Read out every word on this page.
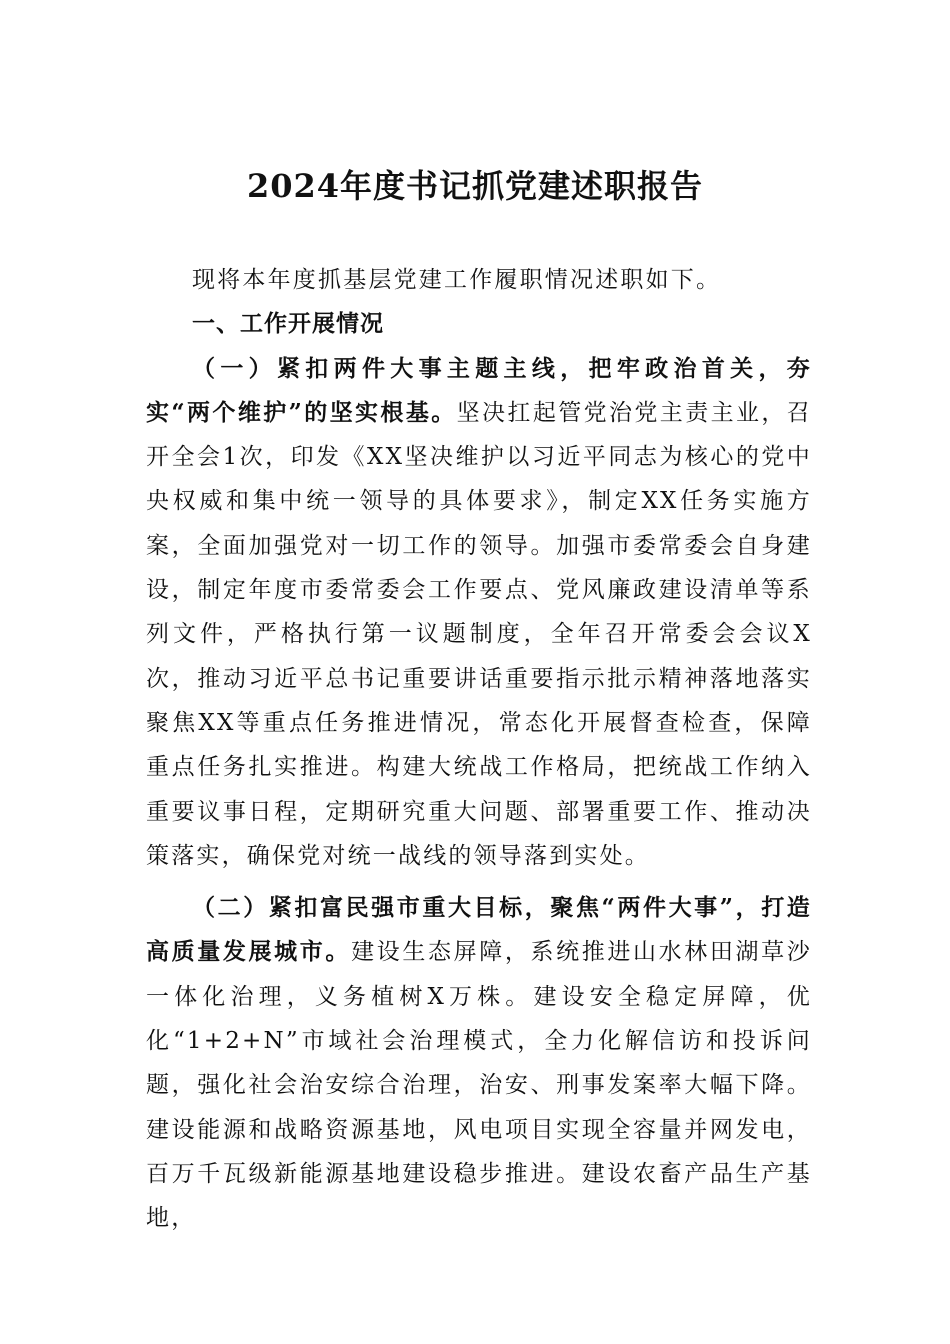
2024年度书记抓党建述职报告

现将本年度抓基层党建工作履职情况述职如下。

一、工作开展情况

（一）紧扣两件大事主题主线，把牢政治首关，夯实“两个维护”的坚实根基。坚决扛起管党治党主责主业，召开全会1次，印发《XX坚决维护以习近平同志为核心的党中央权威和集中统一领导的具体要求》，制定XX任务实施方案，全面加强党对一切工作的领导。加强市委常委会自身建设，制定年度市委常委会工作要点、党风廉政建设清单等系列文件，严格执行第一议题制度，全年召开常委会会议X次，推动习近平总书记重要讲话重要指示批示精神落地落实聚焦XX等重点任务推进情况，常态化开展督查检查，保障重点任务扎实推进。构建大统战工作格局，把统战工作纳入重要议事日程，定期研究重大问题、部署重要工作、推动决策落实，确保党对统一战线的领导落到实处。

（二）紧扣富民强市重大目标，聚焦“两件大事”，打造高质量发展城市。建设生态屏障，系统推进山水林田湖草沙一体化治理，义务植树X万株。建设安全稳定屏障，优化“1+2+N”市域社会治理模式，全力化解信访和投诉问题，强化社会治安综合治理，治安、刑事发案率大幅下降。建设能源和战略资源基地，风电项目实现全容量并网发电，百万千瓦级新能源基地建设稳步推进。建设农畜产品生产基地，
